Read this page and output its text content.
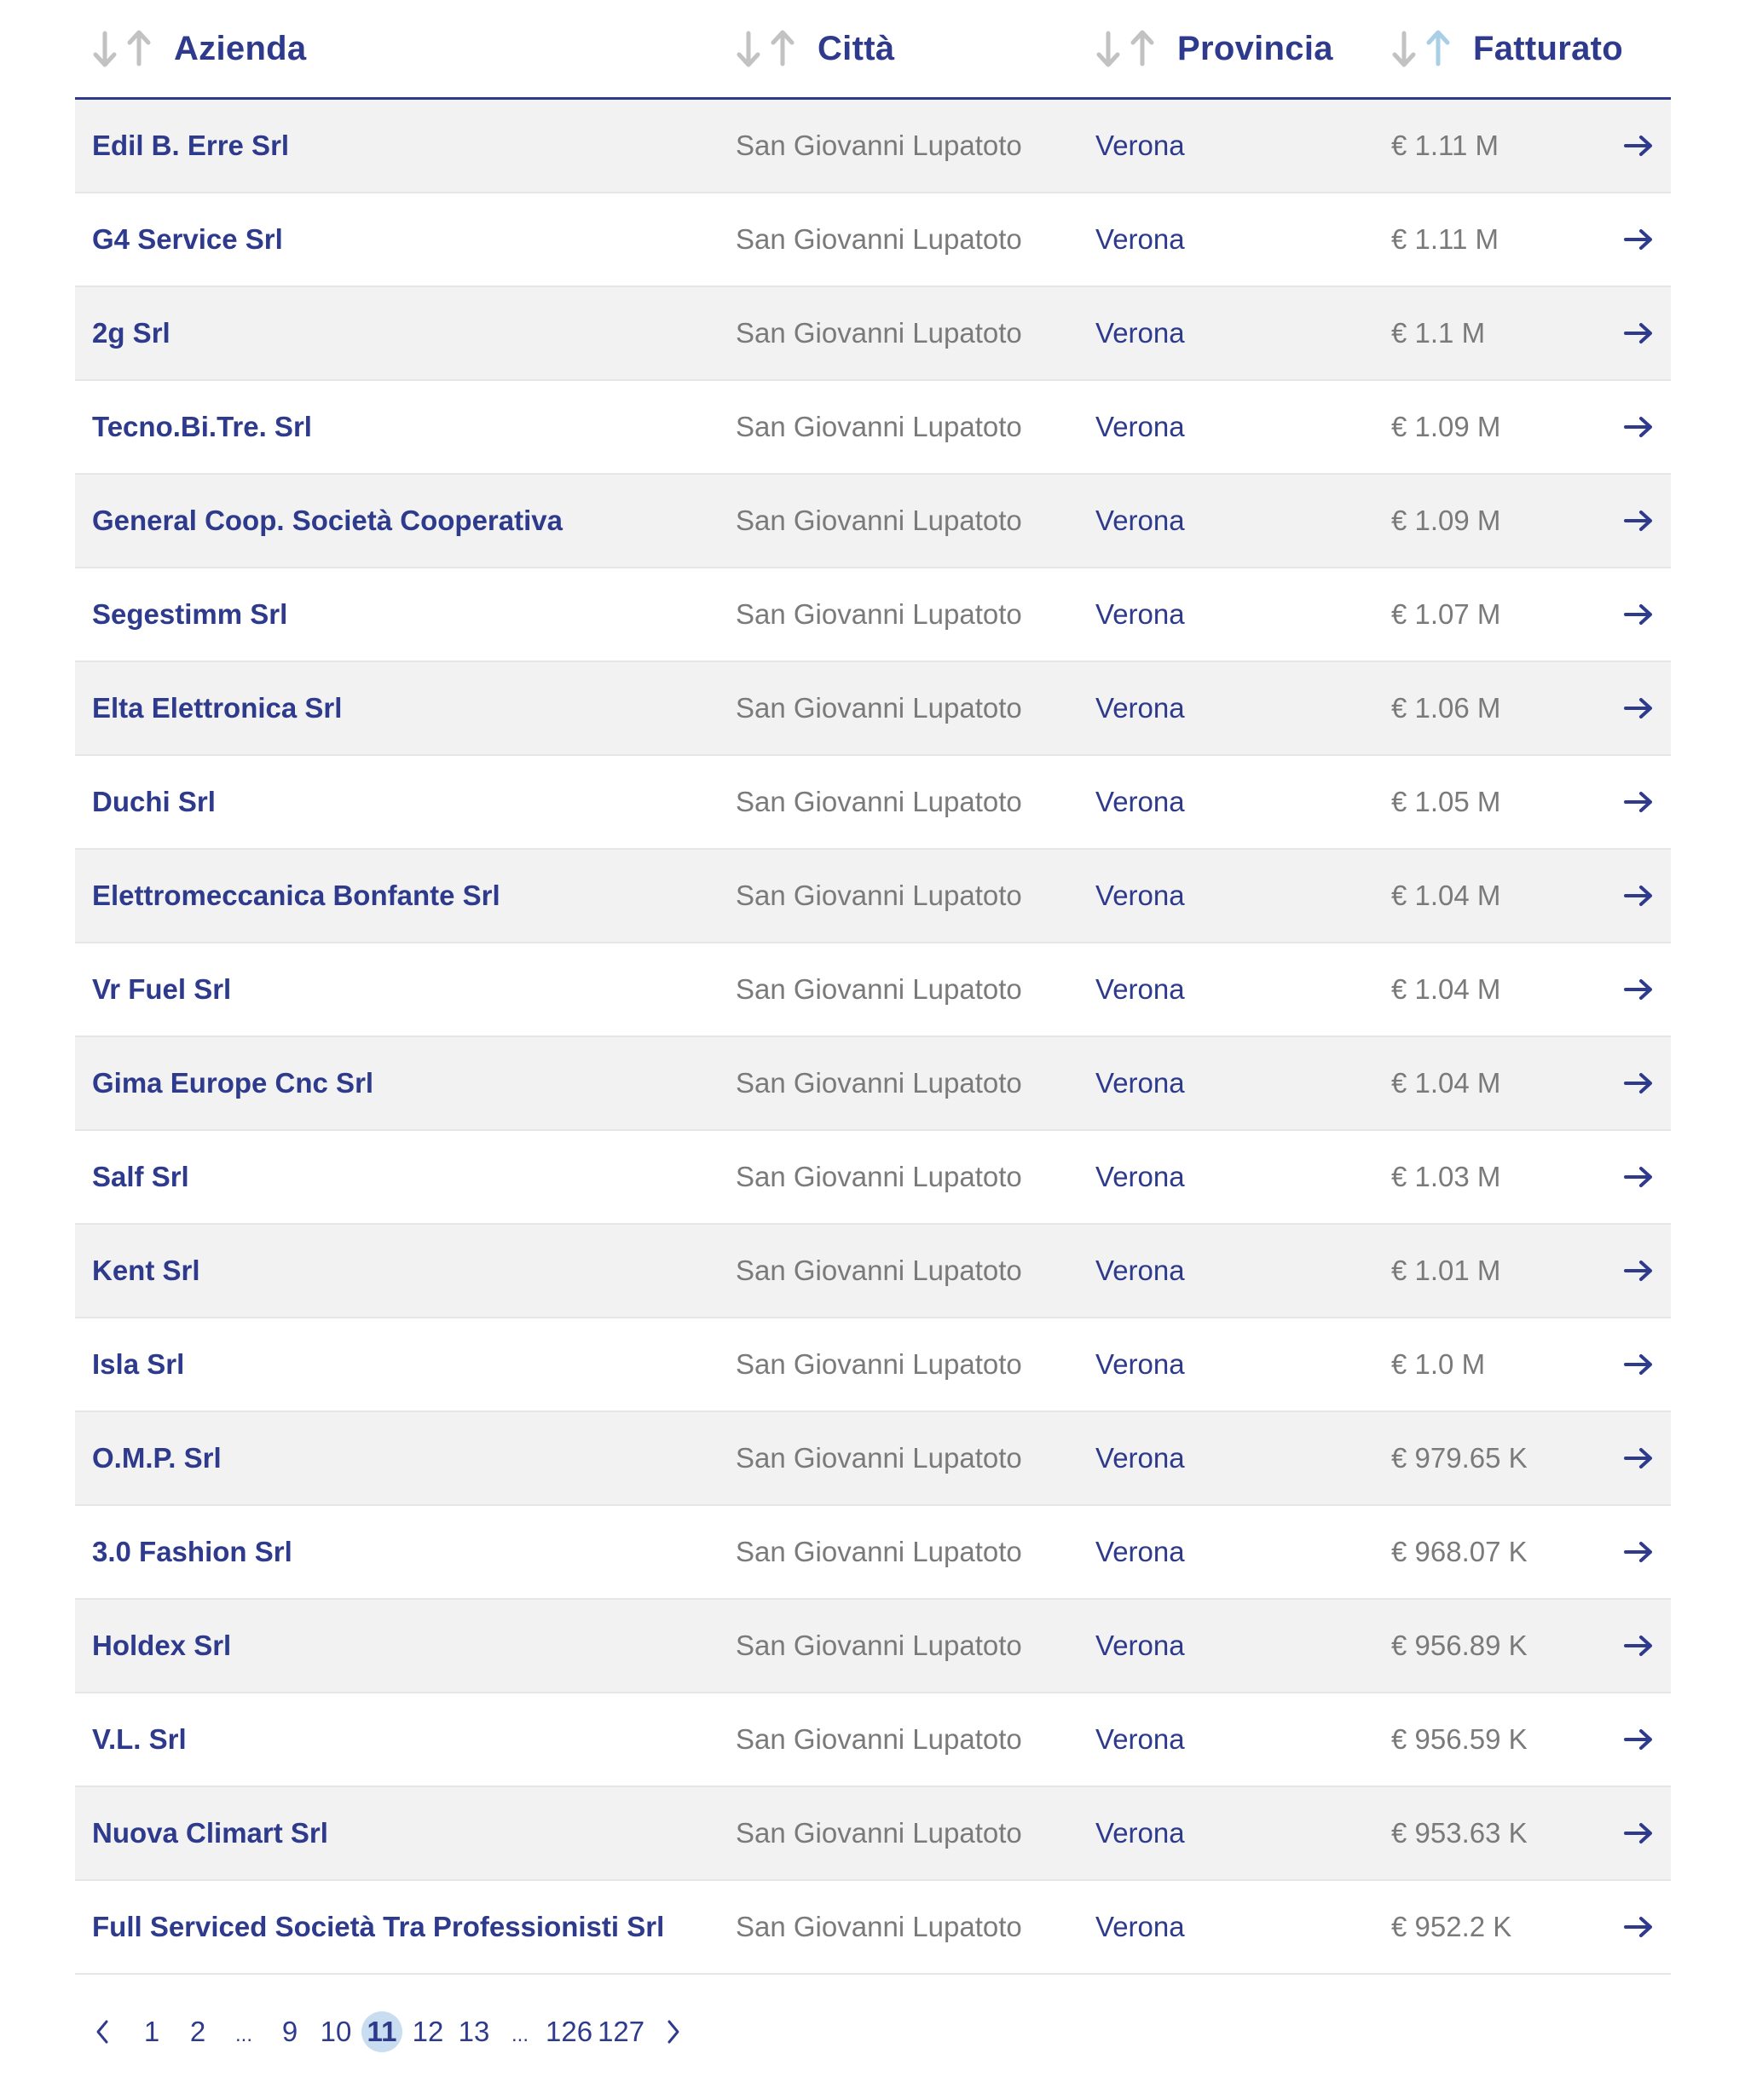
Azienda	Città	Provincia	Fatturato
Edil B. Erre Srl	San Giovanni Lupatoto	Verona	€ 1.11 M
G4 Service Srl	San Giovanni Lupatoto	Verona	€ 1.11 M
2g Srl	San Giovanni Lupatoto	Verona	€ 1.1 M
Tecno.Bi.Tre. Srl	San Giovanni Lupatoto	Verona	€ 1.09 M
General Coop. Società Cooperativa	San Giovanni Lupatoto	Verona	€ 1.09 M
Segestimm Srl	San Giovanni Lupatoto	Verona	€ 1.07 M
Elta Elettronica Srl	San Giovanni Lupatoto	Verona	€ 1.06 M
Duchi Srl	San Giovanni Lupatoto	Verona	€ 1.05 M
Elettromeccanica Bonfante Srl	San Giovanni Lupatoto	Verona	€ 1.04 M
Vr Fuel Srl	San Giovanni Lupatoto	Verona	€ 1.04 M
Gima Europe Cnc Srl	San Giovanni Lupatoto	Verona	€ 1.04 M
Salf Srl	San Giovanni Lupatoto	Verona	€ 1.03 M
Kent Srl	San Giovanni Lupatoto	Verona	€ 1.01 M
Isla Srl	San Giovanni Lupatoto	Verona	€ 1.0 M
O.M.P. Srl	San Giovanni Lupatoto	Verona	€ 979.65 K
3.0 Fashion Srl	San Giovanni Lupatoto	Verona	€ 968.07 K
Holdex Srl	San Giovanni Lupatoto	Verona	€ 956.89 K
V.L. Srl	San Giovanni Lupatoto	Verona	€ 956.59 K
Nuova Climart Srl	San Giovanni Lupatoto	Verona	€ 953.63 K
Full Serviced Società Tra Professionisti Srl	San Giovanni Lupatoto	Verona	€ 952.2 K
1	2	...	9 10 11 12 13	... 126 127
